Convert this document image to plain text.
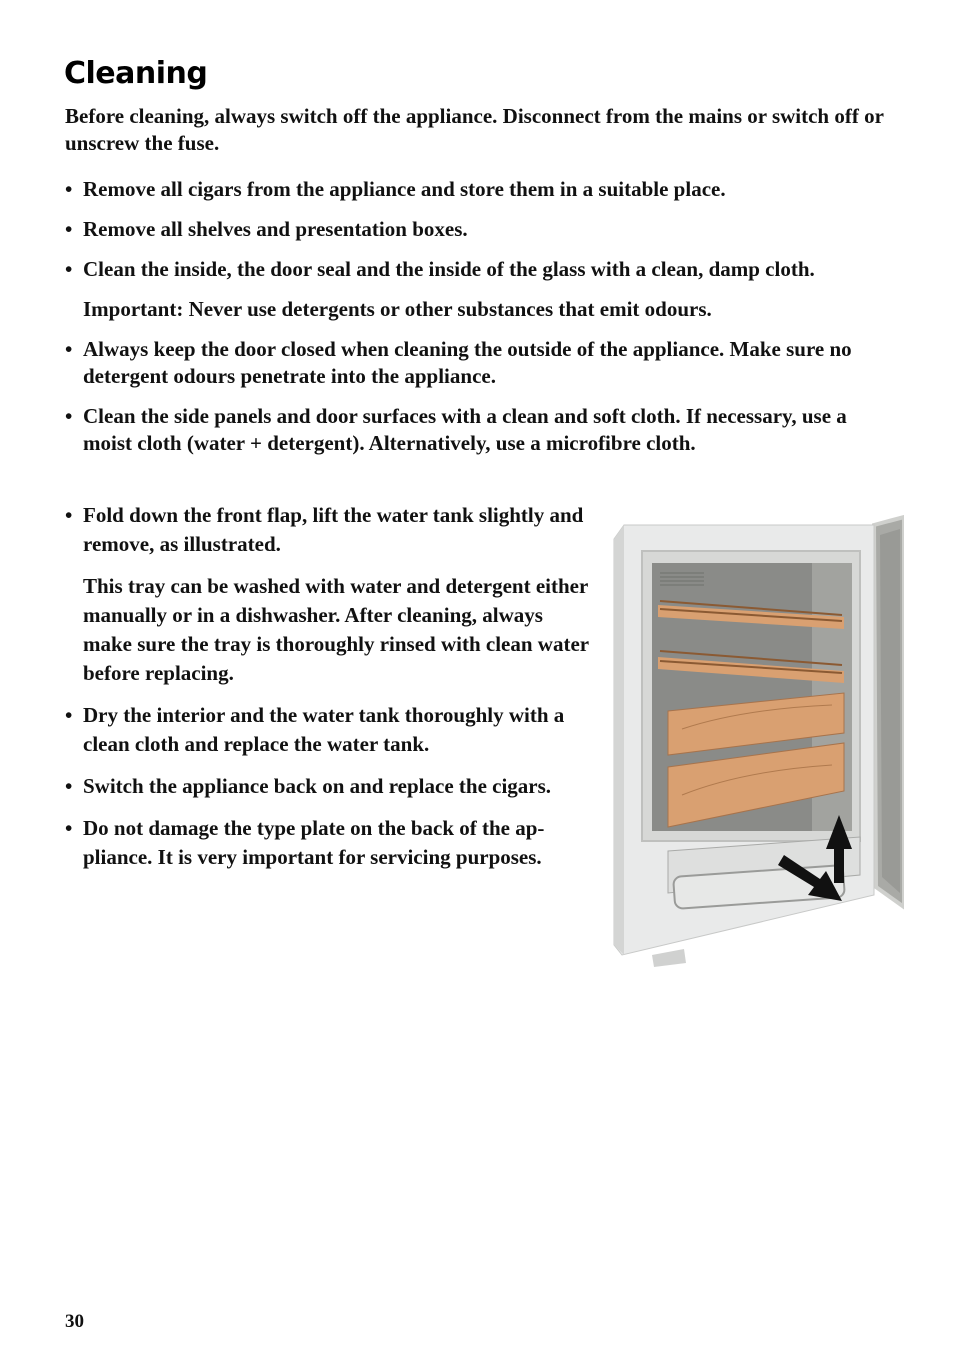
Cleaning

Before cleaning, always switch off the appliance. Disconnect from the mains or switch off or unscrew the fuse.

• Remove all cigars from the appliance and store them in a suitable place.
• Remove all shelves and presentation boxes.
• Clean the inside, the door seal and the inside of the glass with a clean, damp cloth.
Important: Never use detergents or other substances that emit odours.
• Always keep the door closed when cleaning the outside of the appliance. Make sure no detergent odours penetrate into the appliance.
• Clean the side panels and door surfaces with a clean and soft cloth. If necessary, use a moist cloth (water + detergent). Alternatively, use a microfibre cloth.
• Fold down the front flap, lift the water tank slightly and remove, as illustrated.
This tray can be washed with water and detergent either manually or in a dishwasher. After cleaning, always make sure the tray is thoroughly rinsed with clean water before replacing.
• Dry the interior and the water tank thoroughly with a clean cloth and replace the water tank.
• Switch the appliance back on and replace the cigars.
• Do not damage the type plate on the back of the ap-pliance. It is very important for servicing purposes.
30
